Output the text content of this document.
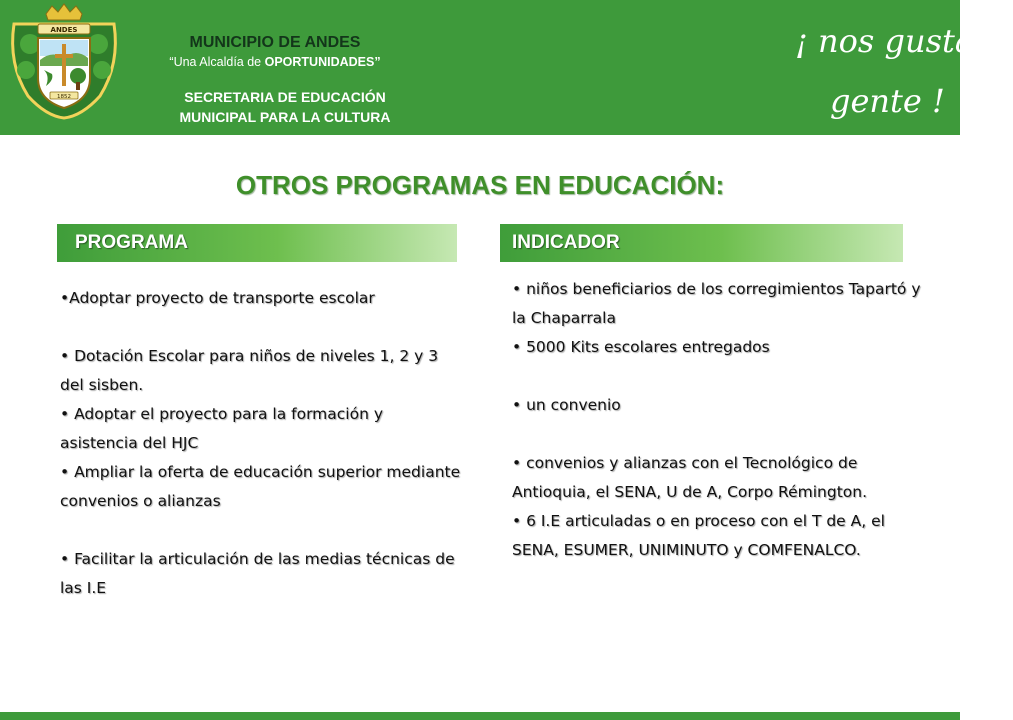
ANDES
1852
MUNICIPIO DE ANDES
“Una Alcaldía de OPORTUNIDADES”
SECRETARIA DE EDUCACIÓN
MUNICIPAL PARA LA CULTURA
¡ nos gusta la
gente !
OTROS PROGRAMAS EN EDUCACIÓN:
PROGRAMA	INDICADOR
•Adoptar proyecto de transporte escolar
• Dotación Escolar para niños de niveles 1, 2 y 3 del sisben.
• Adoptar el proyecto para la formación y asistencia del HJC
• Ampliar la oferta de educación superior mediante convenios o alianzas
• Facilitar la articulación de las medias técnicas de las I.E
• niños beneficiarios de los corregimientos Tapartó y la Chaparrala
• 5000 Kits escolares entregados
• un convenio
• convenios y alianzas con el Tecnológico de Antioquia, el SENA, U de A, Corpo Rémington.
• 6 I.E articuladas o en proceso con el T de A, el SENA, ESUMER, UNIMINUTO y COMFENALCO.
